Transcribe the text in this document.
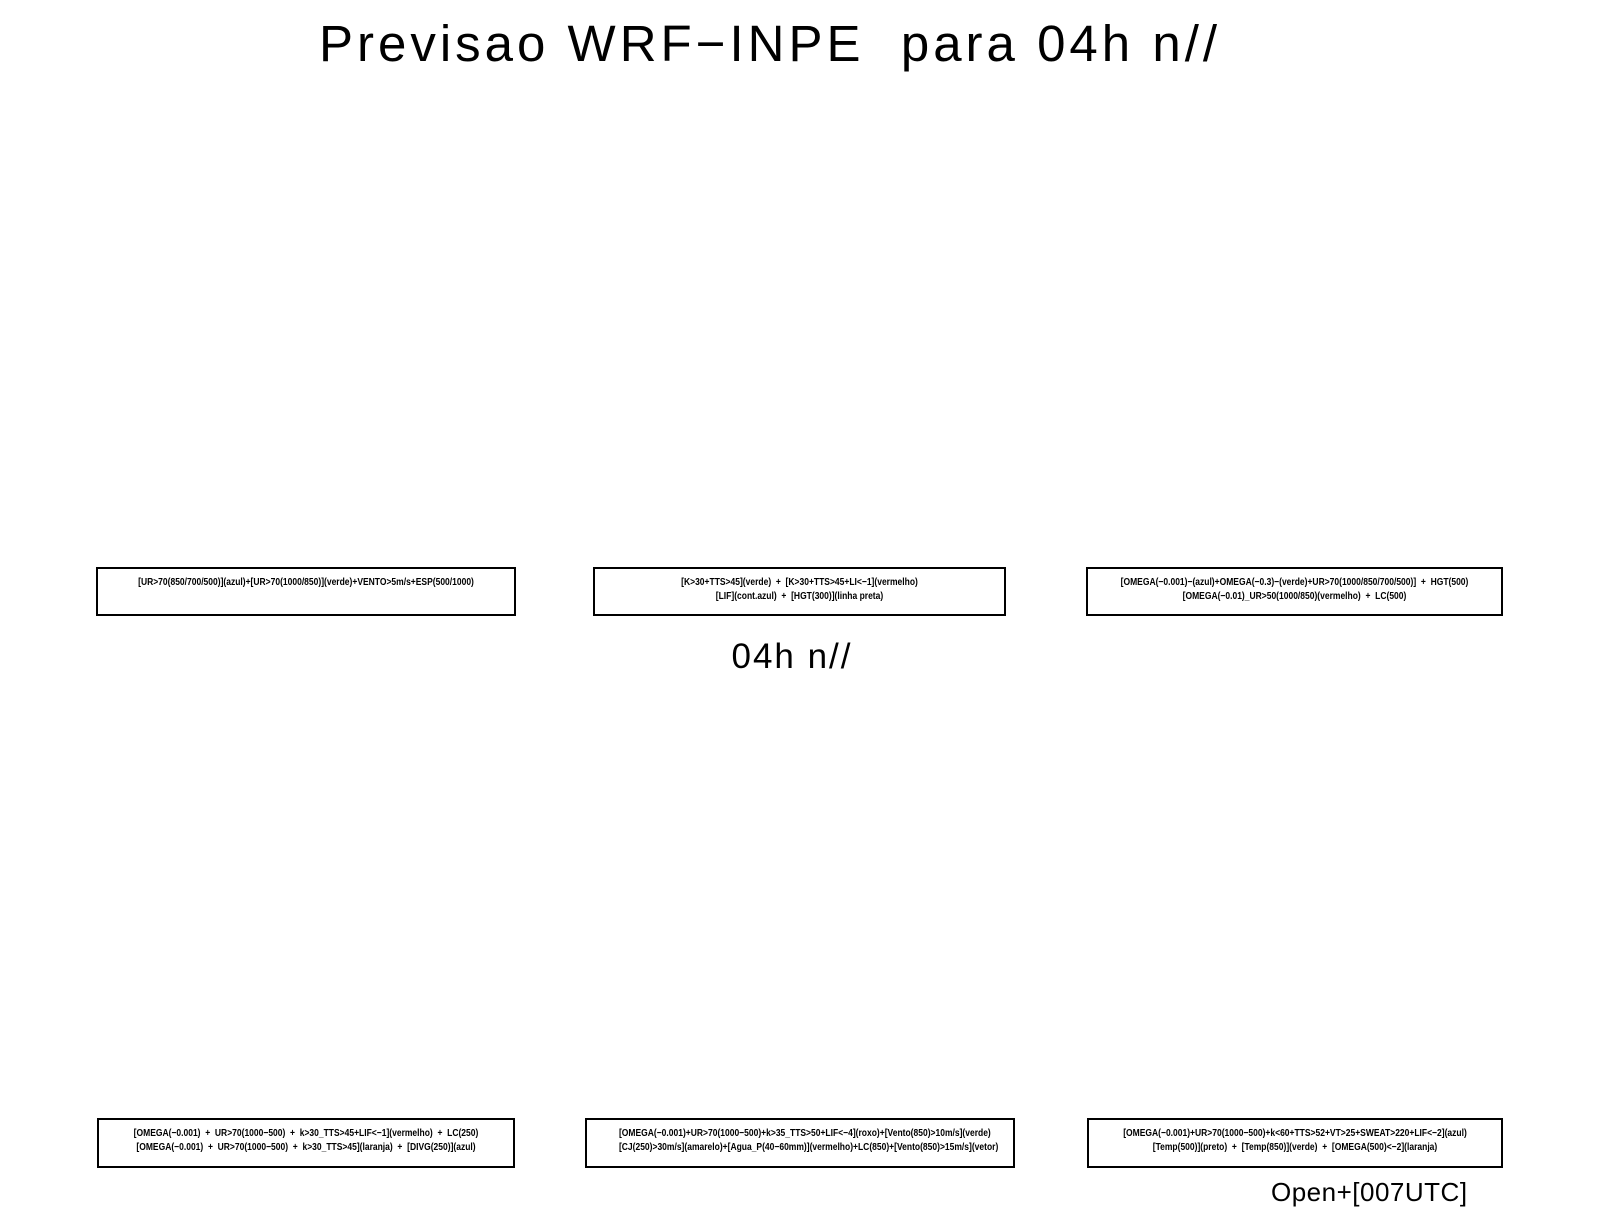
Previsao WRF−INPE  para 04h n//
[UR>70(850/700/500)](azul)+[UR>70(1000/850)](verde)+VENTO>5m/s+ESP(500/1000)	[K>30+TTS>45](verde)  +  [K>30+TTS>45+LI<−1](vermelho)
[LIF](cont.azul)  +  [HGT(300)](linha preta)
[OMEGA(−0.001)−(azul)+OMEGA(−0.3)−(verde)+UR>70(1000/850/700/500)]  +  HGT(500)
[OMEGA(−0.01)_UR>50(1000/850)(vermelho)  +  LC(500)
04h n//
[OMEGA(−0.001)  +  UR>70(1000−500)  +  k>30_TTS>45+LIF<−1](vermelho)  +  LC(250)
[OMEGA(−0.001)  +  UR>70(1000−500)  +  k>30_TTS>45](laranja)  +  [DIVG(250)](azul)
[OMEGA(−0.001)+UR>70(1000−500)+k>35_TTS>50+LIF<−4](roxo)+[Vento(850)>10m/s](verde)
[CJ(250)>30m/s](amarelo)+[Agua_P(40−60mm)](vermelho)+LC(850)+[Vento(850)>15m/s](vetor)
[OMEGA(−0.001)+UR>70(1000−500)+k<60+TTS>52+VT>25+SWEAT>220+LIF<−2](azul)
[Temp(500)](preto)  +  [Temp(850)](verde)  +  [OMEGA(500)<−2](laranja)
Open+[007UTC]
